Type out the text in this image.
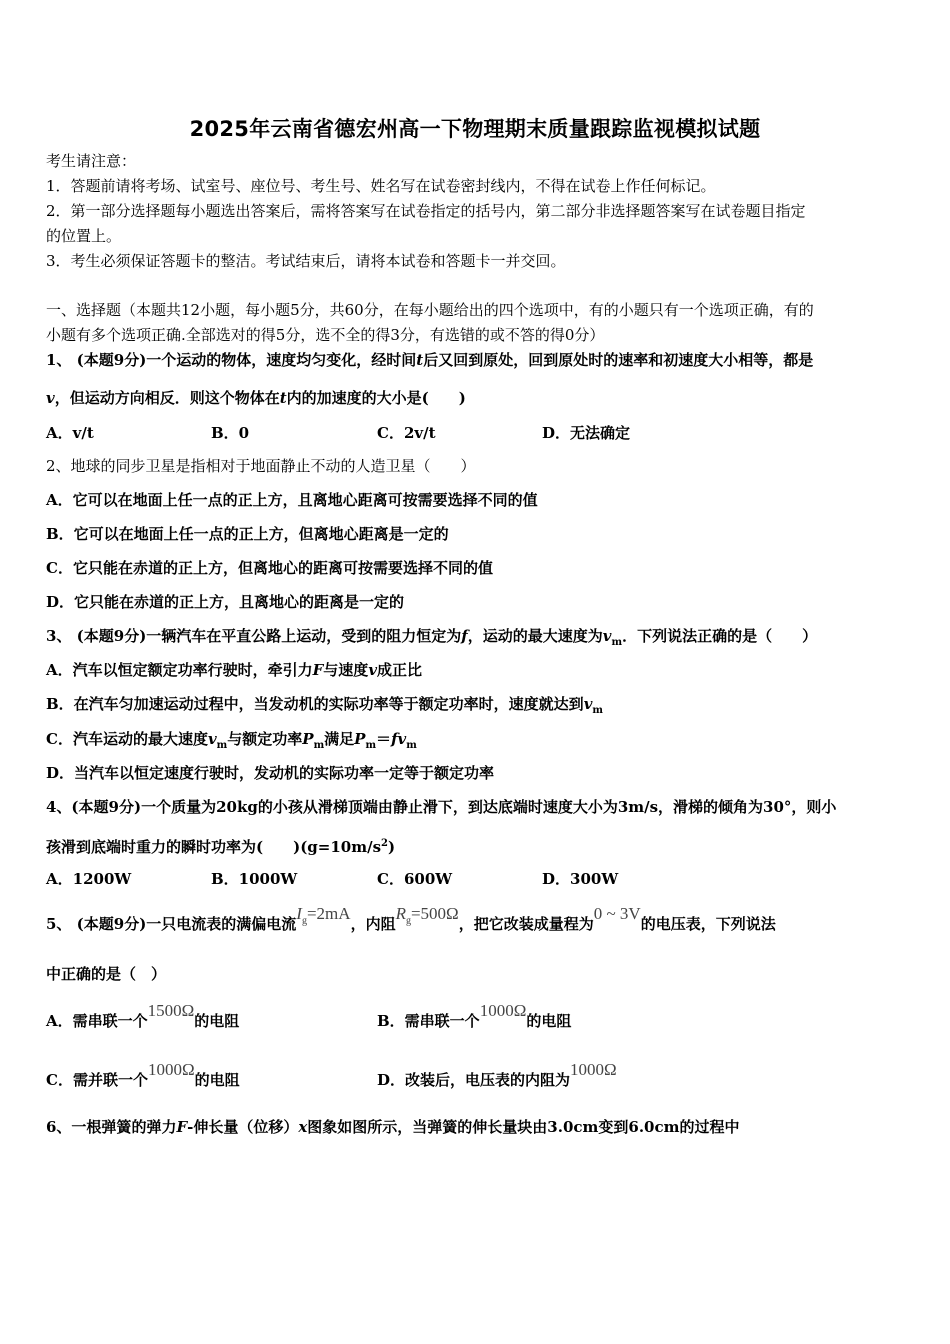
2025年云南省德宏州高一下物理期末质量跟踪监视模拟试题
考生请注意：
1．答题前请将考场、试室号、座位号、考生号、姓名写在试卷密封线内，不得在试卷上作任何标记。
2．第一部分选择题每小题选出答案后，需将答案写在试卷指定的括号内，第二部分非选择题答案写在试卷题目指定
的位置上。
3．考生必须保证答题卡的整洁。考试结束后，请将本试卷和答题卡一并交回。
一、选择题（本题共12小题，每小题5分，共60分，在每小题给出的四个选项中，有的小题只有一个选项正确，有的
小题有多个选项正确.全部选对的得5分，选不全的得3分，有选错的或不答的得0分）
1、 (本题9分)一个运动的物体，速度均匀变化，经时间t后又回到原处，回到原处时的速率和初速度大小相等，都是
v，但运动方向相反．则这个物体在t内的加速度的大小是(　　)
A．v/t	B．0	C．2v/t	D．无法确定
2、地球的同步卫星是指相对于地面静止不动的人造卫星（　　）
A．它可以在地面上任一点的正上方，且离地心距离可按需要选择不同的值
B．它可以在地面上任一点的正上方，但离地心距离是一定的
C．它只能在赤道的正上方，但离地心的距离可按需要选择不同的值
D．它只能在赤道的正上方，且离地心的距离是一定的
3、 (本题9分)一辆汽车在平直公路上运动，受到的阻力恒定为f，运动的最大速度为$v_m$．下列说法正确的是（　　）
A．汽车以恒定额定功率行驶时，牵引力F与速度v成正比
B．在汽车匀加速运动过程中，当发动机的实际功率等于额定功率时，速度就达到$v_m$
C．汽车运动的最大速度$v_m$与额定功率$P_m$满足$P_m=fv_m$
D．当汽车以恒定速度行驶时，发动机的实际功率一定等于额定功率
4、(本题9分)一个质量为20kg的小孩从滑梯顶端由静止滑下，到达底端时速度大小为3m/s，滑梯的倾角为30°，则小
孩滑到底端时重力的瞬时功率为(　　)$(g=10m/s^2)$
A．1200W	B．1000W	C．600W	D．300W
5、 (本题9分)一只电流表的满偏电流$I_g=2mA$，内阻$R_g=500\Omega$，把它改装成量程为0 ~ 3V的电压表，下列说法
中正确的是（　）
A．需串联一个1500Ω的电阻	B．需串联一个1000Ω的电阻
C．需并联一个1000Ω的电阻	D．改装后，电压表的内阻为1000Ω
6、一根弹簧的弹力F-伸长量（位移）x图象如图所示，当弹簧的伸长量块由3.0cm变到6.0cm的过程中
